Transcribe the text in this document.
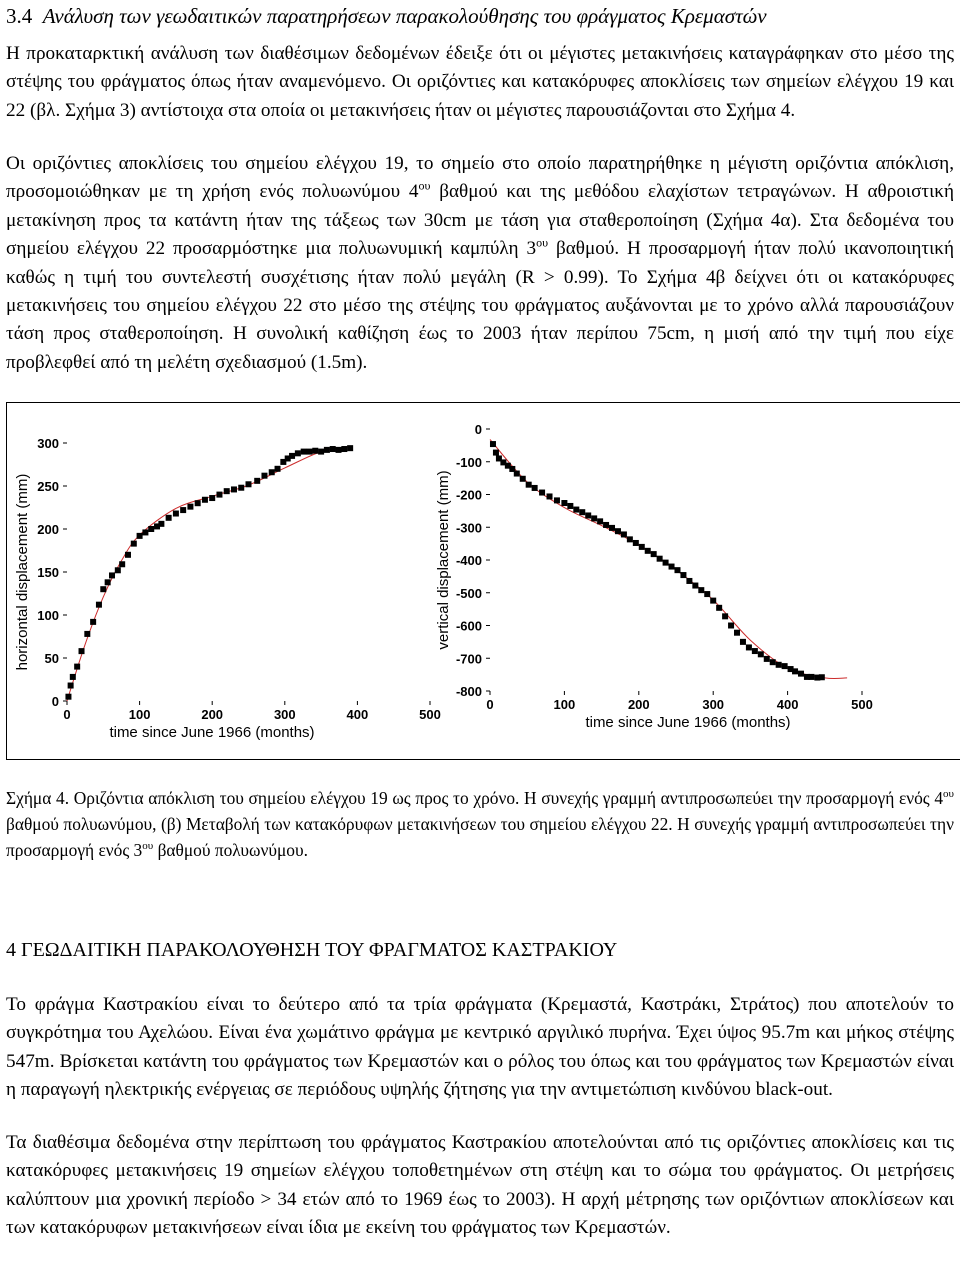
3.4 Ανάλυση των γεωδαιτικών παρατηρήσεων παρακολούθησης του φράγματος Κρεμαστών

Η προκαταρκτική ανάλυση των διαθέσιμων δεδομένων έδειξε ότι οι μέγιστες μετακινήσεις καταγράφηκαν στο μέσο της στέψης του φράγματος όπως ήταν αναμενόμενο. Οι οριζόντιες και κατακόρυφες αποκλίσεις των σημείων ελέγχου 19 και 22 (βλ. Σχήμα 3) αντίστοιχα στα οποία οι μετακινήσεις ήταν οι μέγιστες παρουσιάζονται στο Σχήμα 4.

Οι οριζόντιες αποκλίσεις του σημείου ελέγχου 19, το σημείο στο οποίο παρατηρήθηκε η μέγιστη οριζόντια απόκλιση, προσομοιώθηκαν με τη χρήση ενός πολυωνύμου $4^{o\upsilon}$ βαθμού και της μεθόδου ελαχίστων τετραγώνων. Η αθροιστική μετακίνηση προς τα κατάντη ήταν της τάξεως των 30cm με τάση για σταθεροποίηση (Σχήμα 4α). Στα δεδομένα του σημείου ελέγχου 22 προσαρμόστηκε μια πολυωνυμική καμπύλη $3^{o\upsilon}$ βαθμού. Η προσαρμογή ήταν πολύ ικανοποιητική καθώς η τιμή του συντελεστή συσχέτισης ήταν πολύ μεγάλη (R > 0.99). Το Σχήμα 4β δείχνει ότι οι κατακόρυφες μετακινήσεις του σημείου ελέγχου 22 στο μέσο της στέψης του φράγματος αυξάνονται με το χρόνο αλλά παρουσιάζουν τάση προς σταθεροποίηση. Η συνολική καθίζηση έως το 2003 ήταν περίπου 75cm, η μισή από την τιμή που είχε προβλεφθεί από τη μελέτη σχεδιασμού (1.5m).

0	100	200	300	400	500
0
50
100
150
200
250
300
time since June 1966 (months)
horizontal displacement (mm)
0	100	200	300	400	500
0
-100
-200
-300
-400
-500
-600
-700
-800
time since June 1966 (months)
vertical displacement (mm)

Σχήμα 4. Οριζόντια απόκλιση του σημείου ελέγχου 19 ως προς το χρόνο. Η συνεχής γραμμή αντιπροσωπεύει την προσαρμογή ενός $4^{o\upsilon}$ βαθμού πολυωνύμου, (β) Μεταβολή των κατακόρυφων μετακινήσεων του σημείου ελέγχου 22. Η συνεχής γραμμή αντιπροσωπεύει την προσαρμογή ενός $3^{o\upsilon}$ βαθμού πολυωνύμου.

4 ΓΕΩΔΑΙΤΙΚΗ ΠΑΡΑΚΟΛΟΥΘΗΣΗ ΤΟΥ ΦΡΑΓΜΑΤΟΣ ΚΑΣΤΡΑΚΙΟΥ

Το φράγμα Καστρακίου είναι το δεύτερο από τα τρία φράγματα (Κρεμαστά, Καστράκι, Στράτος) που αποτελούν το συγκρότημα του Αχελώου. Είναι ένα χωμάτινο φράγμα με κεντρικό αργιλικό πυρήνα. Έχει ύψος 95.7m και μήκος στέψης 547m. Βρίσκεται κατάντη του φράγματος των Κρεμαστών και ο ρόλος του όπως και του φράγματος των Κρεμαστών είναι η παραγωγή ηλεκτρικής ενέργειας σε περιόδους υψηλής ζήτησης για την αντιμετώπιση κινδύνου black-out.

Τα διαθέσιμα δεδομένα στην περίπτωση του φράγματος Καστρακίου αποτελούνται από τις οριζόντιες αποκλίσεις και τις κατακόρυφες μετακινήσεις 19 σημείων ελέγχου τοποθετημένων στη στέψη και το σώμα του φράγματος. Οι μετρήσεις καλύπτουν μια χρονική περίοδο > 34 ετών από το 1969 έως το 2003). Η αρχή μέτρησης των οριζόντιων αποκλίσεων και των κατακόρυφων μετακινήσεων είναι ίδια με εκείνη του φράγματος των Κρεμαστών.
